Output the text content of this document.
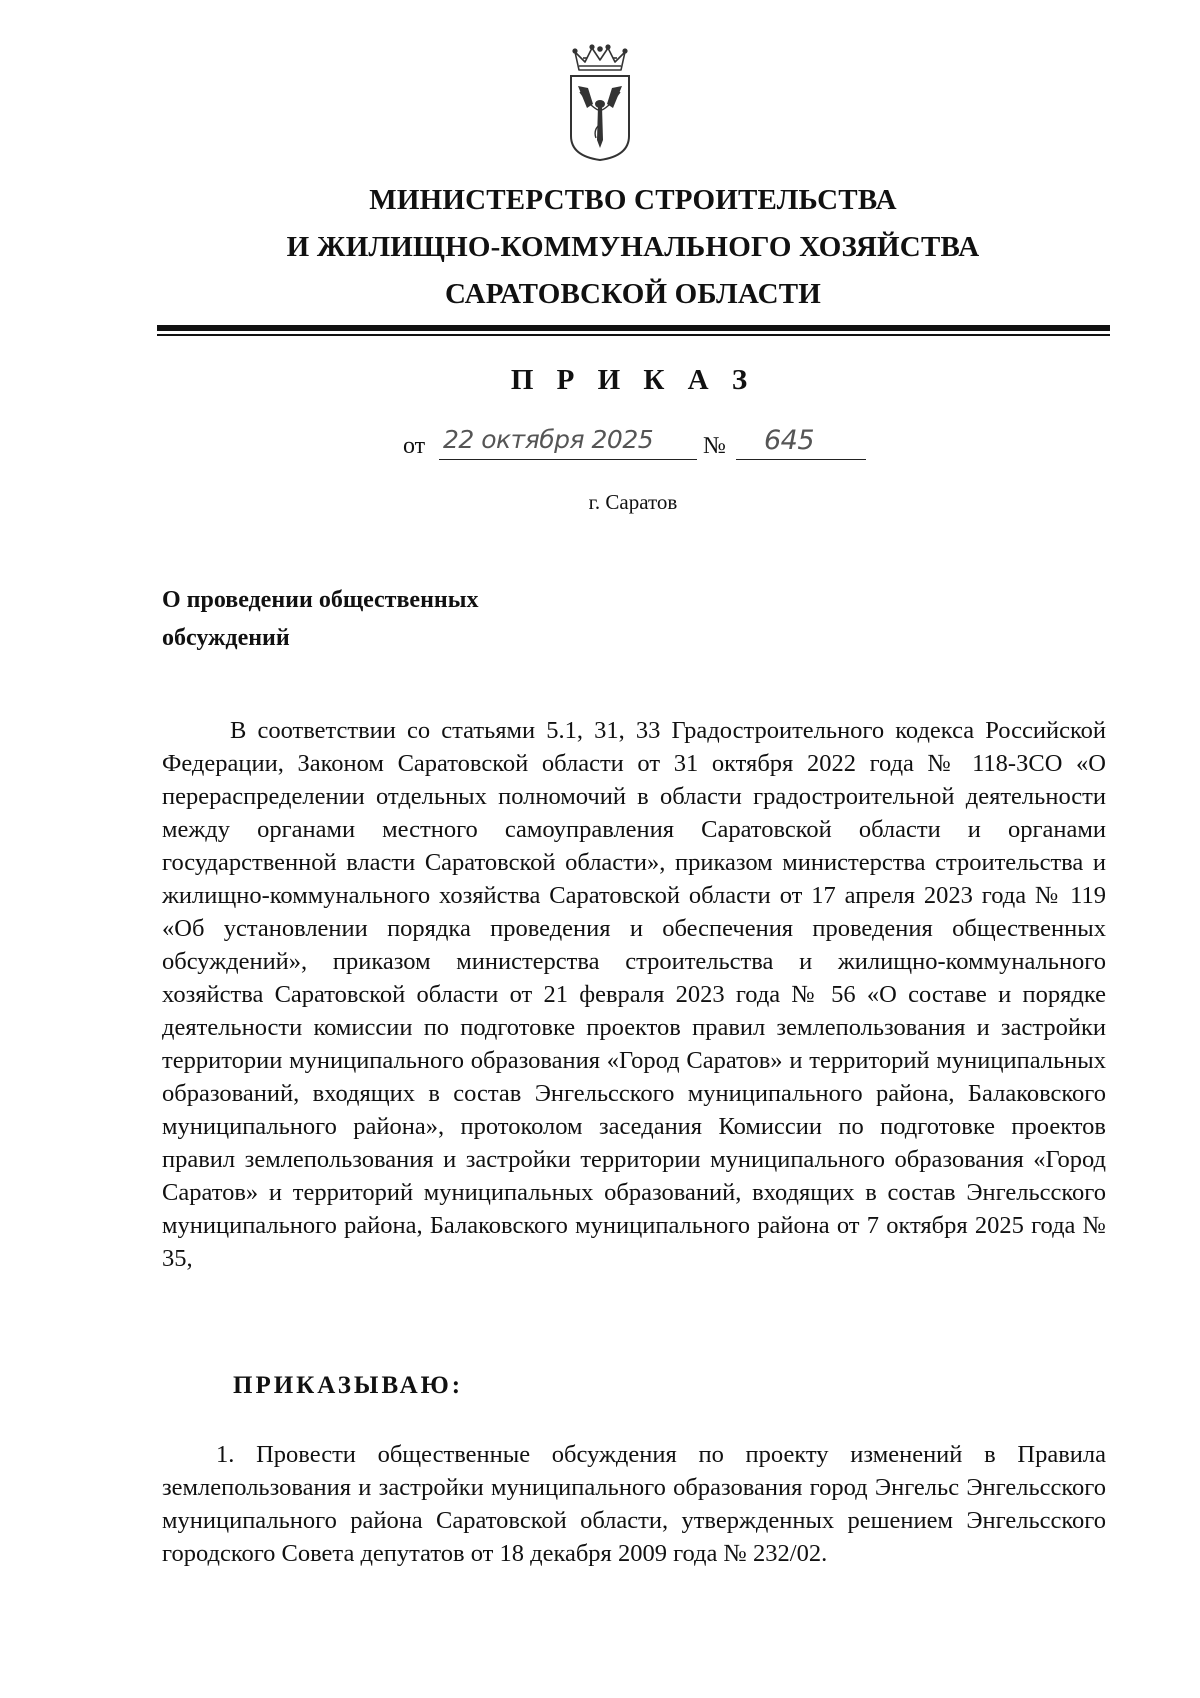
МИНИСТЕРСТВО СТРОИТЕЛЬСТВА
И ЖИЛИЩНО-КОММУНАЛЬНОГО ХОЗЯЙСТВА
САРАТОВСКОЙ ОБЛАСТИ
П Р И К А З
от 22 октября 2025 № 645
г. Саратов
О проведении общественных
обсуждений
В соответствии со статьями 5.1, 31, 33 Градостроительного кодекса Российской Федерации, Законом Саратовской области от 31 октября 2022 года № 118-ЗСО «О перераспределении отдельных полномочий в области градостроительной деятельности между органами местного самоуправления Саратовской области и органами государственной власти Саратовской области», приказом министерства строительства и жилищно-коммунального хозяйства Саратовской области от 17 апреля 2023 года № 119 «Об установлении порядка проведения и обеспечения проведения общественных обсуждений», приказом министерства строительства и жилищно-коммунального хозяйства Саратовской области от 21 февраля 2023 года № 56 «О составе и порядке деятельности комиссии по подготовке проектов правил землепользования и застройки территории муниципального образования «Город Саратов» и территорий муниципальных образований, входящих в состав Энгельсского муниципального района, Балаковского муниципального района», протоколом заседания Комиссии по подготовке проектов правил землепользования и застройки территории муниципального образования «Город Саратов» и территорий муниципальных образований, входящих в состав Энгельсского муниципального района, Балаковского муниципального района от 7 октября 2025 года № 35,
ПРИКАЗЫВАЮ:
1. Провести общественные обсуждения по проекту изменений в Правила землепользования и застройки муниципального образования город Энгельс Энгельсского муниципального района Саратовской области, утвержденных решением Энгельсского городского Совета депутатов от 18 декабря 2009 года № 232/02.
